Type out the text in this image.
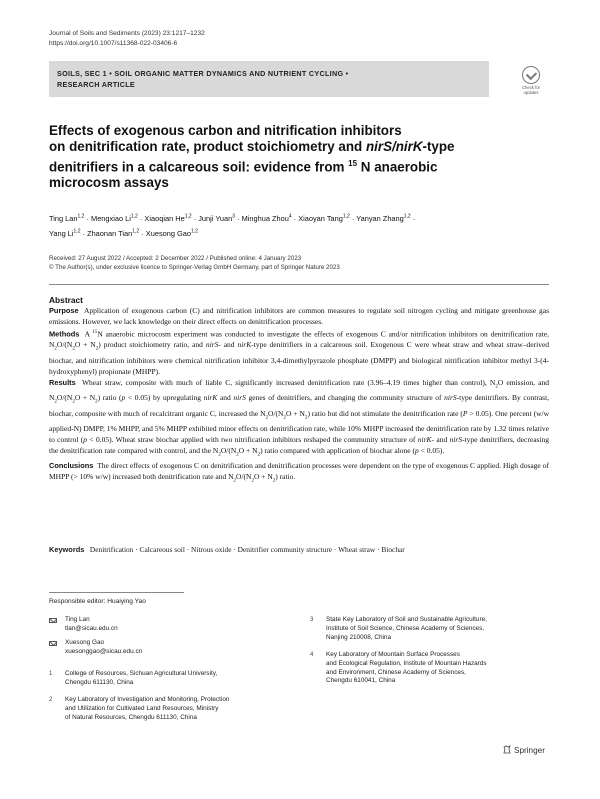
Journal of Soils and Sediments (2023) 23:1217–1232
https://doi.org/10.1007/s11368-022-03406-6
SOILS, SEC 1 • SOIL ORGANIC MATTER DYNAMICS AND NUTRIENT CYCLING •
RESEARCH ARTICLE	Check for
updates
Effects of exogenous carbon and nitrification inhibitors
on denitrification rate, product stoichiometry and nirS/nirK-type
denitrifiers in a calcareous soil: evidence from $^{15}$ N anaerobic
microcosm assays
Ting Lan$^{1,2}$ · Mengxiao Li$^{1,2}$ · Xiaoqian He$^{1,2}$ · Junji Yuan$^3$ · Minghua Zhou$^4$ · Xiaoyan Tang$^{1,2}$ · Yanyan Zhang$^{1,2}$ ·
Yang Li$^{1,2}$ · Zhaonan Tian$^{1,2}$ · Xuesong Gao$^{1,2}$
Received: 27 August 2022 / Accepted: 2 December 2022 / Published online: 4 January 2023
© The Author(s), under exclusive licence to Springer-Verlag GmbH Germany, part of Springer Nature 2023
Abstract

Purpose Application of exogenous carbon (C) and nitrification inhibitors are common measures to regulate soil nitrogen cycling and mitigate greenhouse gas emissions. However, we lack knowledge on their direct effects on denitrification processes.

Methods A $^{15}$N anaerobic microcosm experiment was conducted to investigate the effects of exogenous C and/or nitrification inhibitors on denitrification rate, $N_2O/(N_2O + N_2)$ product stoichiometry ratio, and nirS- and nirK-type denitrifiers in a calcareous soil. Exogenous C were wheat straw and wheat straw–derived biochar, and nitrification inhibitors were chemical nitrification inhibitor 3,4-dimethylpyrazole phosphate (DMPP) and biological nitrification inhibitor methyl 3-(4-hydroxyphenyl) propionate (MHPP).

Results Wheat straw, composite with much of liable C, significantly increased denitrification rate (3.96–4.19 times higher than control), $N_2O$ emission, and $N_2O/(N_2O + N_2)$ ratio (p < 0.05) by upregulating nirK and nirS genes of denitrifiers, and changing the community structure of nirS-type denitrifiers. By contrast, biochar, composite with much of recalcitrant organic C, increased the $N_2O/(N_2O + N_2)$ ratio but did not stimulate the denitrification rate (P > 0.05). One percent (w/w applied-N) DMPP, 1% MHPP, and 5% MHPP exhibited minor effects on denitrification rate, while 10% MHPP increased the denitrification rate by 1.32 times relative to control (p < 0.05). Wheat straw biochar applied with two nitrification inhibitors reshaped the community structure of nirK- and nirS-type denitrifiers, decreasing the denitrification rate compared with control, and the $N_2O/(N_2O + N_2)$ ratio compared with application of biochar alone (p < 0.05).

Conclusions The direct effects of exogenous C on denitrification and denitrification processes were dependent on the type of exogenous C applied. High dosage of MHPP (> 10% w/w) increased both denitrification rate and $N_2O/(N_2O + N_2)$ ratio.

Keywords Denitrification · Calcareous soil · Nitrous oxide · Denitrifier community structure · Wheat straw · Biochar
Responsible editor: Huaiying Yao
Ting Lan
tlan@sicau.edu.cn
Xuesong Gao
xuesonggao@sicau.edu.cn
1 College of Resources, Sichuan Agricultural University,
Chengdu 611130, China
2 Key Laboratory of Investigation and Monitoring, Protection
and Utilization for Cultivated Land Resources, Ministry
of Natural Resources, Chengdu 611130, China
3 State Key Laboratory of Soil and Sustainable Agriculture,
Institute of Soil Science, Chinese Academy of Sciences,
Nanjing 210008, China
4 Key Laboratory of Mountain Surface Processes
and Ecological Regulation, Institute of Mountain Hazards
and Environment, Chinese Academy of Sciences,
Chengdu 610041, China
Springer
